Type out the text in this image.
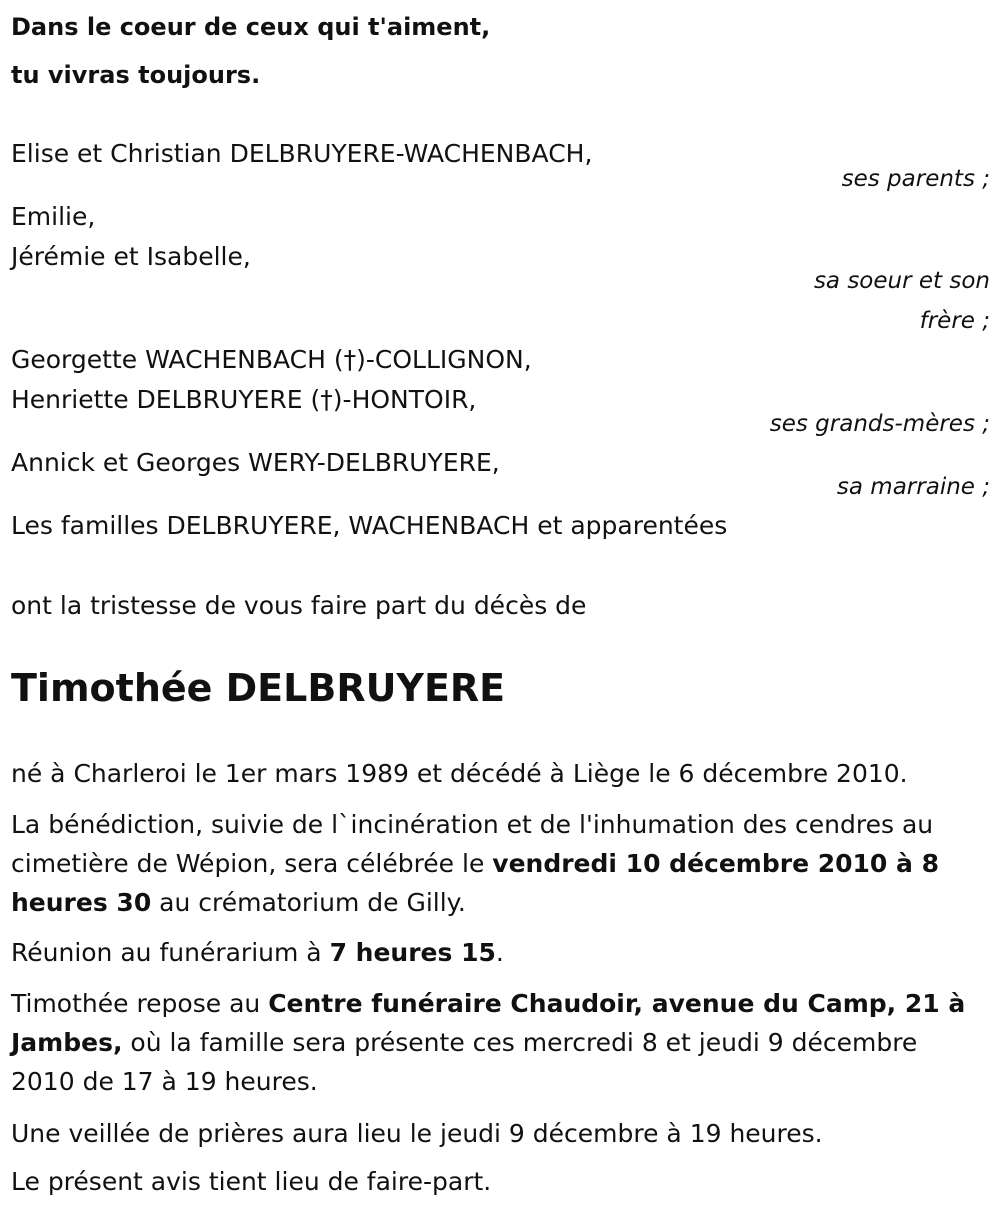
Dans le coeur de ceux qui t'aiment,
tu vivras toujours.
Elise et Christian DELBRUYERE-WACHENBACH,
ses parents ;
Emilie,
Jérémie et Isabelle,
sa soeur et son
frère ;
Georgette WACHENBACH (†)-COLLIGNON,
Henriette DELBRUYERE (†)-HONTOIR,
ses grands-mères ;
Annick et Georges WERY-DELBRUYERE,
sa marraine ;
Les familles DELBRUYERE, WACHENBACH et apparentées
ont la tristesse de vous faire part du décès de
Timothée DELBRUYERE
né à Charleroi le 1er mars 1989 et décédé à Liège le 6 décembre 2010.
La bénédiction, suivie de l`incinération et de l'inhumation des cendres au cimetière de Wépion, sera célébrée le vendredi 10 décembre 2010 à 8 heures 30 au crématorium de Gilly.
Réunion au funérarium à 7 heures 15.
Timothée repose au Centre funéraire Chaudoir, avenue du Camp, 21 à Jambes, où la famille sera présente ces mercredi 8 et jeudi 9 décembre 2010 de 17 à 19 heures.
Une veillée de prières aura lieu le jeudi 9 décembre à 19 heures.
Le présent avis tient lieu de faire-part.
